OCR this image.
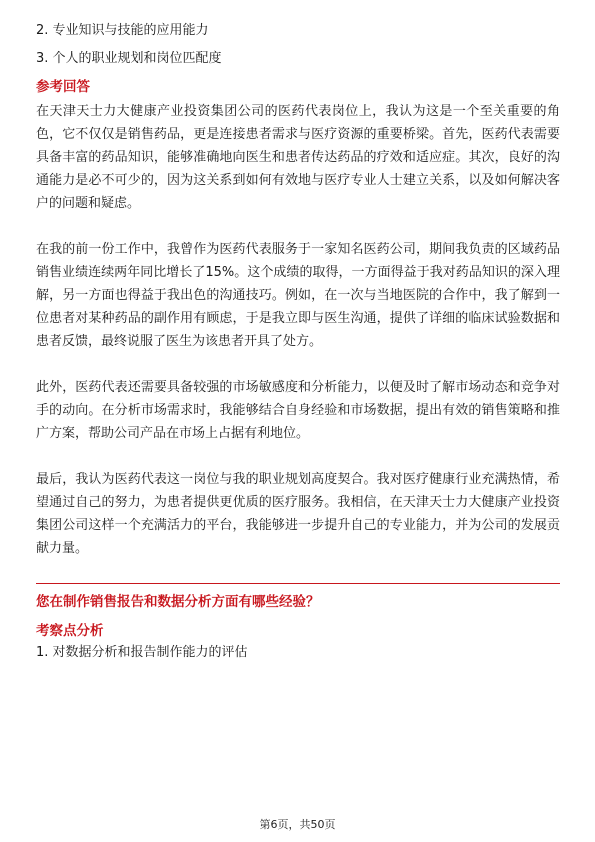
2. 专业知识与技能的应用能力
3. 个人的职业规划和岗位匹配度
参考回答
在天津天士力大健康产业投资集团公司的医药代表岗位上，我认为这是一个至关重要的角色，它不仅仅是销售药品，更是连接患者需求与医疗资源的重要桥梁。首先，医药代表需要具备丰富的药品知识，能够准确地向医生和患者传达药品的疗效和适应症。其次，良好的沟通能力是必不可少的，因为这关系到如何有效地与医疗专业人士建立关系，以及如何解决客户的问题和疑虑。
在我的前一份工作中，我曾作为医药代表服务于一家知名医药公司，期间我负责的区域药品销售业绩连续两年同比增长了15%。这个成绩的取得，一方面得益于我对药品知识的深入理解，另一方面也得益于我出色的沟通技巧。例如，在一次与当地医院的合作中，我了解到一位患者对某种药品的副作用有顾虑，于是我立即与医生沟通，提供了详细的临床试验数据和患者反馈，最终说服了医生为该患者开具了处方。
此外，医药代表还需要具备较强的市场敏感度和分析能力，以便及时了解市场动态和竞争对手的动向。在分析市场需求时，我能够结合自身经验和市场数据，提出有效的销售策略和推广方案，帮助公司产品在市场上占据有利地位。
最后，我认为医药代表这一岗位与我的职业规划高度契合。我对医疗健康行业充满热情，希望通过自己的努力，为患者提供更优质的医疗服务。我相信，在天津天士力大健康产业投资集团公司这样一个充满活力的平台，我能够进一步提升自己的专业能力，并为公司的发展贡献力量。
您在制作销售报告和数据分析方面有哪些经验？
考察点分析
1. 对数据分析和报告制作能力的评估
第6页，共50页
